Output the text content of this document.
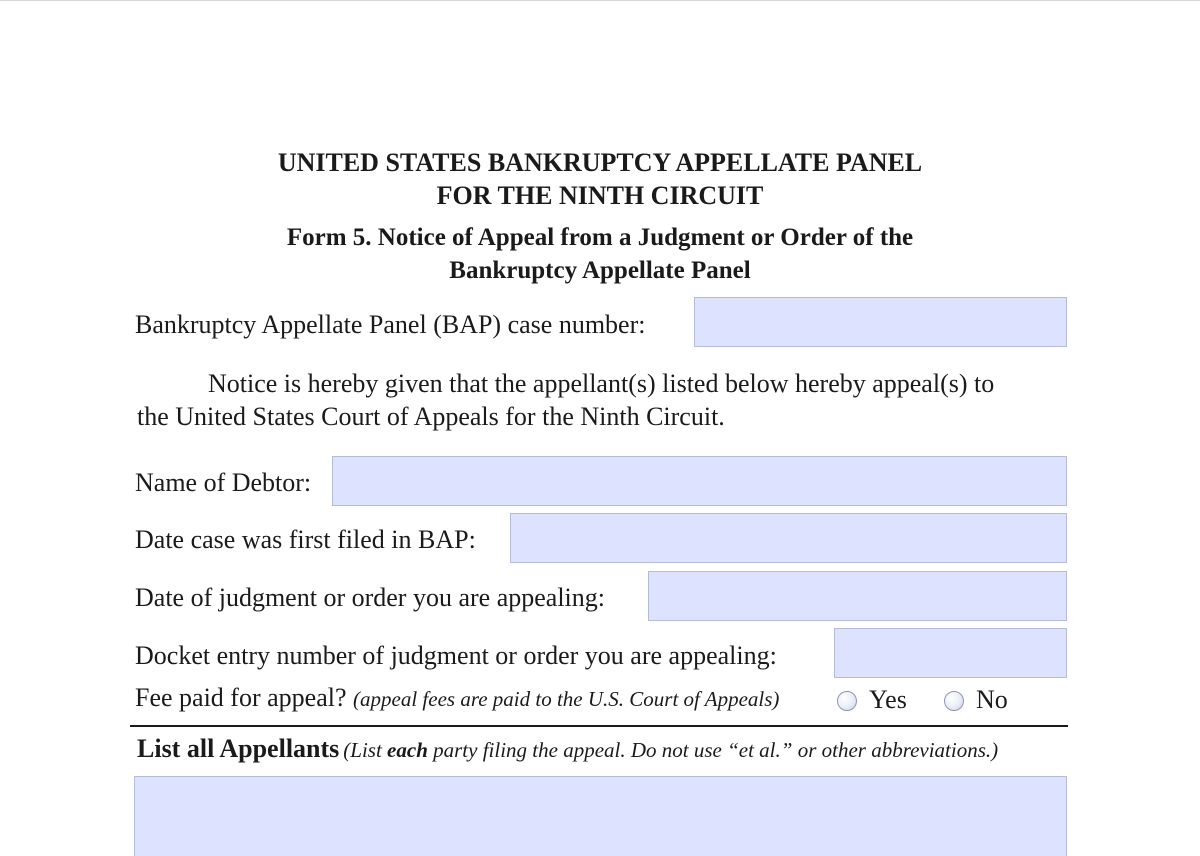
UNITED STATES BANKRUPTCY APPELLATE PANEL
FOR THE NINTH CIRCUIT
Form 5. Notice of Appeal from a Judgment or Order of the
Bankruptcy Appellate Panel
Bankruptcy Appellate Panel (BAP) case number:
Notice is hereby given that the appellant(s) listed below hereby appeal(s) to
the United States Court of Appeals for the Ninth Circuit.
Name of Debtor:
Date case was first filed in BAP:
Date of judgment or order you are appealing:
Docket entry number of judgment or order you are appealing:
Fee paid for appeal? (appeal fees are paid to the U.S. Court of Appeals)	Yes	No
List all Appellants (List each party filing the appeal. Do not use “et al.” or other abbreviations.)
